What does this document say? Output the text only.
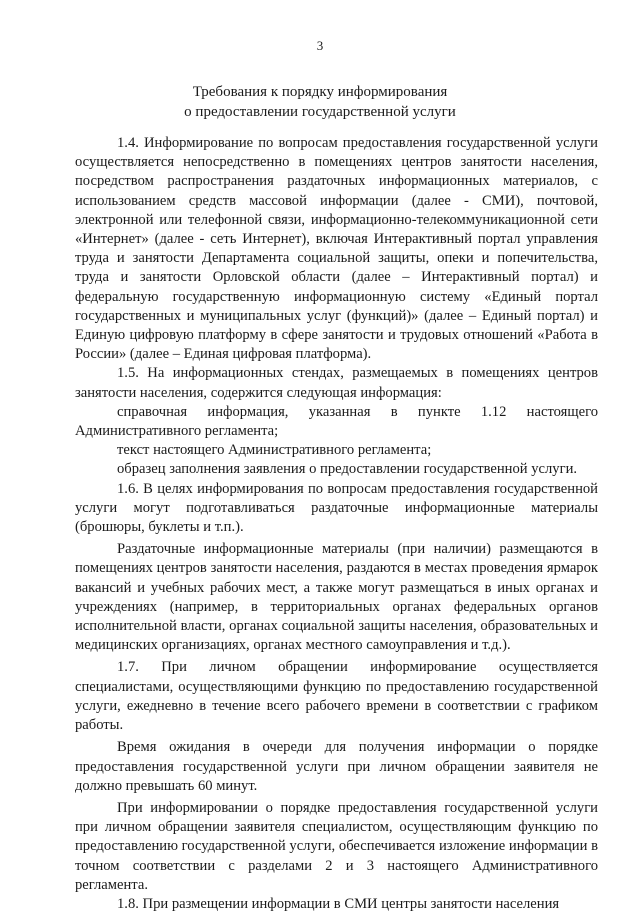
3
Требования к порядку информирования
о предоставлении государственной услуги

1.4. Информирование по вопросам предоставления государственной услуги осуществляется непосредственно в помещениях центров занятости населения, посредством распространения раздаточных информационных материалов, с использованием средств массовой информации (далее - СМИ), почтовой, электронной или телефонной связи, информационно-телекоммуникационной сети «Интернет» (далее - сеть Интернет), включая Интерактивный портал управления труда и занятости Департамента социальной защиты, опеки и попечительства, труда и занятости Орловской области (далее – Интерактивный портал) и федеральную государственную информационную систему «Единый портал государственных и муниципальных услуг (функций)» (далее – Единый портал) и Единую цифровую платформу в сфере занятости и трудовых отношений «Работа в России» (далее – Единая цифровая платформа).

1.5. На информационных стендах, размещаемых в помещениях центров занятости населения, содержится следующая информация:

справочная информация, указанная в пункте 1.12 настоящего Административного регламента;

текст настоящего Административного регламента;

образец заполнения заявления о предоставлении государственной услуги.

1.6. В целях информирования по вопросам предоставления государственной услуги могут подготавливаться раздаточные информационные материалы (брошюры, буклеты и т.п.).

Раздаточные информационные материалы (при наличии) размещаются в помещениях центров занятости населения, раздаются в местах проведения ярмарок вакансий и учебных рабочих мест, а также могут размещаться в иных органах и учреждениях (например, в территориальных органах федеральных органов исполнительной власти, органах социальной защиты населения, образовательных и медицинских организациях, органах местного самоуправления и т.д.).

1.7. При личном обращении информирование осуществляется специалистами, осуществляющими функцию по предоставлению государственной услуги, ежедневно в течение всего рабочего времени в соответствии с графиком работы.

Время ожидания в очереди для получения информации о порядке предоставления государственной услуги при личном обращении заявителя не должно превышать 60 минут.

При информировании о порядке предоставления государственной услуги при личном обращении заявителя специалистом, осуществляющим функцию по предоставлению государственной услуги, обеспечивается изложение информации в точном соответствии с разделами 2 и 3 настоящего Административного регламента.

1.8. При размещении информации в СМИ центры занятости населения
